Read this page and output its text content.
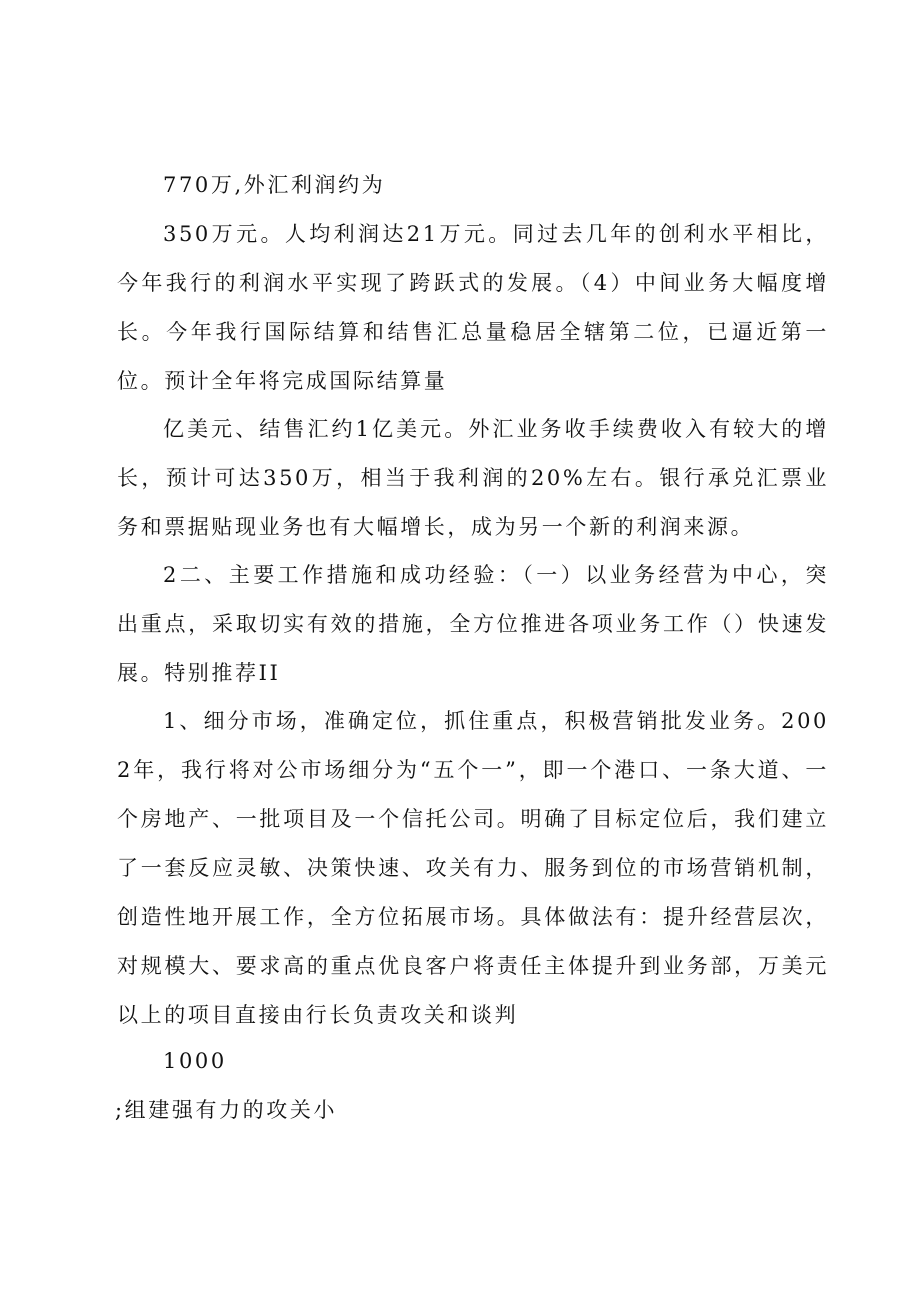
770万,外汇利润约为

350万元。人均利润达21万元。同过去几年的创利水平相比，今年我行的利润水平实现了跨跃式的发展。（4）中间业务大幅度增长。今年我行国际结算和结售汇总量稳居全辖第二位，已逼近第一位。预计全年将完成国际结算量

亿美元、结售汇约1亿美元。外汇业务收手续费收入有较大的增长，预计可达350万，相当于我利润的20%左右。银行承兑汇票业务和票据贴现业务也有大幅增长，成为另一个新的利润来源。

2二、主要工作措施和成功经验：（一）以业务经营为中心，突出重点，采取切实有效的措施，全方位推进各项业务工作（）快速发展。特别推荐II

1、细分市场，准确定位，抓住重点，积极营销批发业务。2002年，我行将对公市场细分为“五个一”，即一个港口、一条大道、一个房地产、一批项目及一个信托公司。明确了目标定位后，我们建立了一套反应灵敏、决策快速、攻关有力、服务到位的市场营销机制，创造性地开展工作，全方位拓展市场。具体做法有：提升经营层次，对规模大、要求高的重点优良客户将责任主体提升到业务部，万美元以上的项目直接由行长负责攻关和谈判

1000

;组建强有力的攻关小
